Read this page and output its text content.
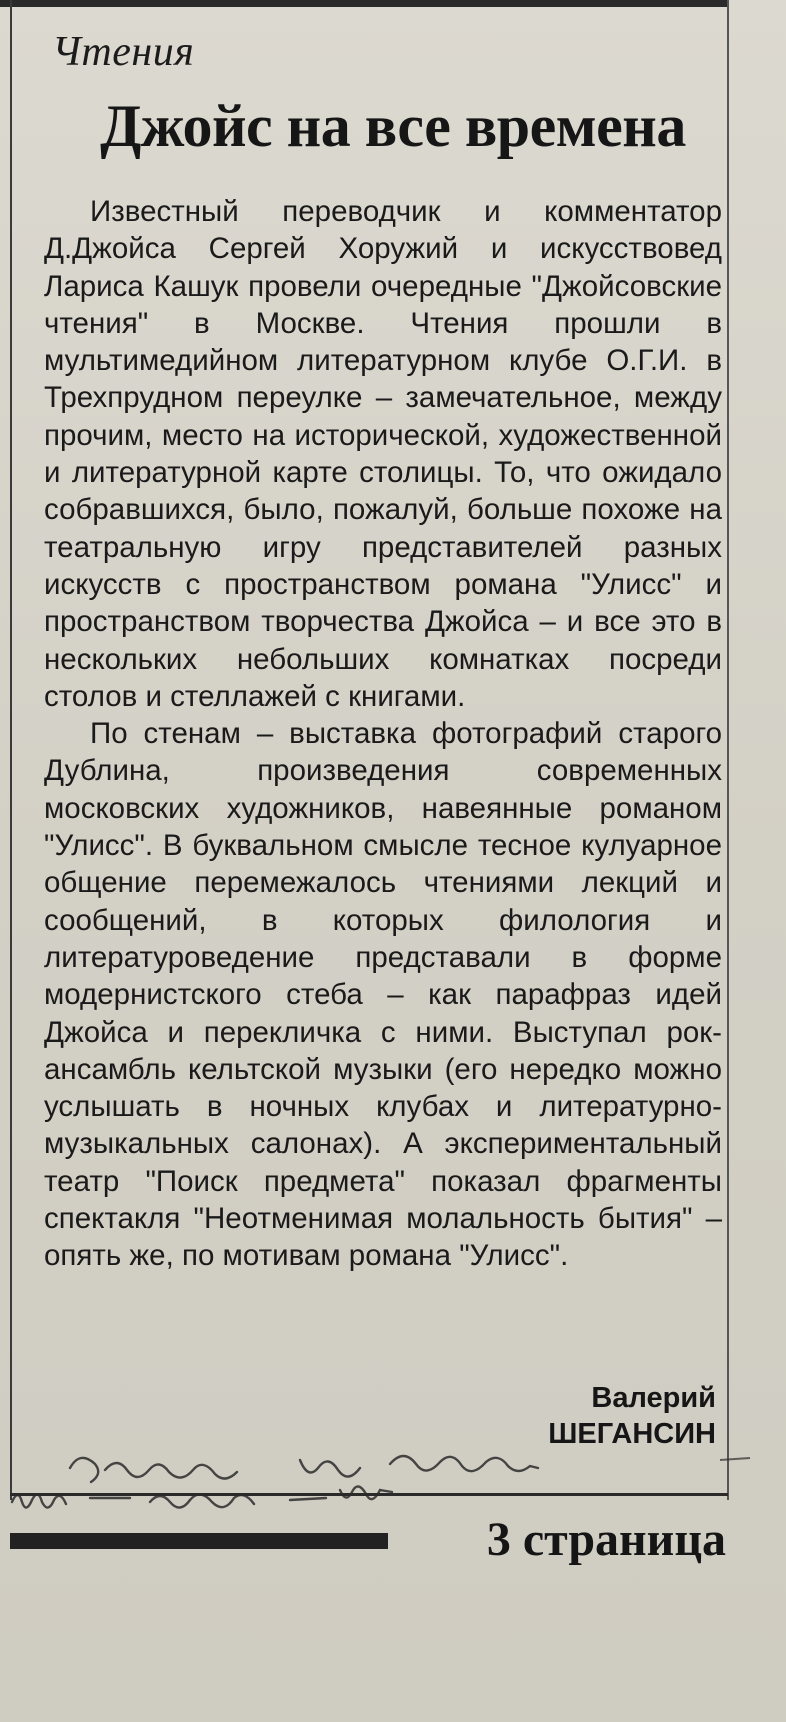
Чтения
Джойс на все времена

Известный переводчик и комментатор Д.Джойса Сергей Хоружий и искусствовед Лариса Кашук провели очередные "Джойсовские чтения" в Москве. Чтения прошли в мультимедийном литературном клубе О.Г.И. в Трехпрудном переулке – замечательное, между прочим, место на исторической, художественной и литературной карте столицы. То, что ожидало собравшихся, было, пожалуй, больше похоже на театральную игру представителей разных искусств с пространством романа "Улисс" и пространством творчества Джойса – и все это в нескольких небольших комнатках посреди столов и стеллажей с книгами.

По стенам – выставка фотографий старого Дублина, произведения современных московских художников, навеянные романом "Улисс". В буквальном смысле тесное кулуарное общение перемежалось чтениями лекций и сообщений, в которых филология и литературоведение представали в форме модернистского стеба – как парафраз идей Джойса и перекличка с ними. Выступал рок-ансамбль кельтской музыки (его нередко можно услышать в ночных клубах и литературно-музыкальных салонах). А экспериментальный театр "Поиск предмета" показал фрагменты спектакля "Неотменимая молальность бытия" – опять же, по мотивам романа "Улисс".

Валерий
ШЕГАНСИН
Экран и сцена.
1999 - июль - 26
3 страница
